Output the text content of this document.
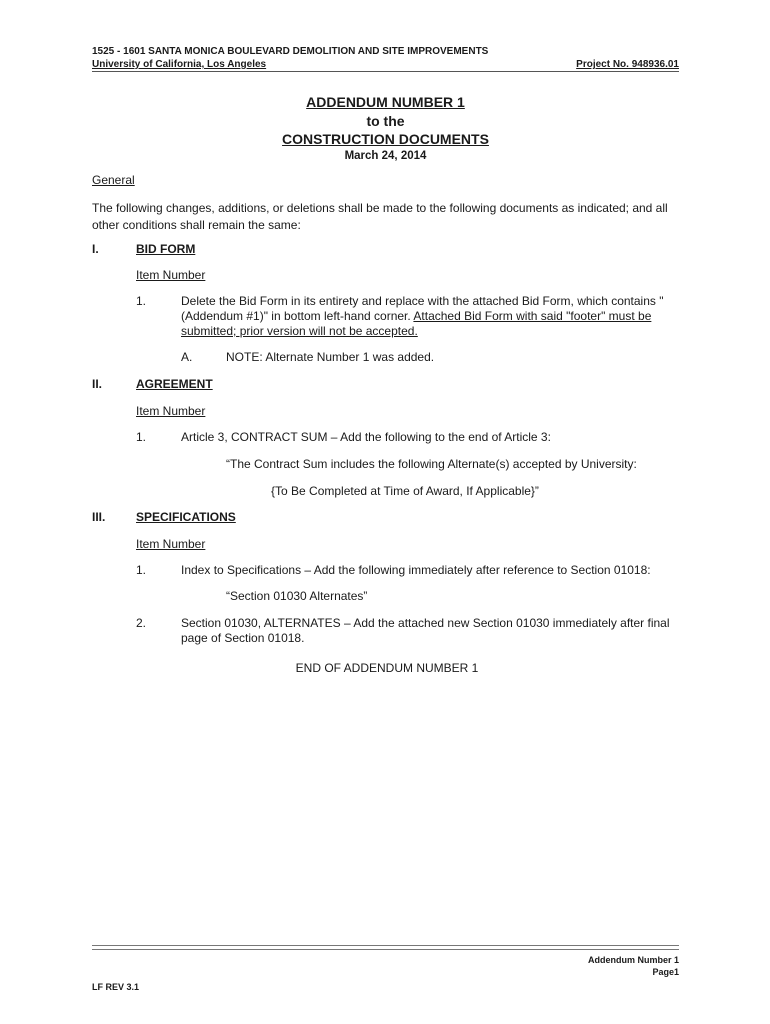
1525 - 1601 SANTA MONICA BOULEVARD DEMOLITION AND SITE IMPROVEMENTS
University of California, Los Angeles	Project No. 948936.01
ADDENDUM NUMBER 1
to the
CONSTRUCTION DOCUMENTS
March 24, 2014
General
The following changes, additions, or deletions shall be made to the following documents as indicated; and all other conditions shall remain the same:
I.	BID FORM
Item Number
1.	Delete the Bid Form in its entirety and replace with the attached Bid Form, which contains "(Addendum #1)" in bottom left-hand corner. Attached Bid Form with said "footer" must be submitted; prior version will not be accepted.
A.	NOTE: Alternate Number 1 was added.
II.	AGREEMENT
Item Number
1.	Article 3, CONTRACT SUM – Add the following to the end of Article 3:
“The Contract Sum includes the following Alternate(s) accepted by University:
{To Be Completed at Time of Award, If Applicable}”
III.	SPECIFICATIONS
Item Number
1.	Index to Specifications – Add the following immediately after reference to Section 01018:
“Section 01030 Alternates”
2.	Section 01030, ALTERNATES – Add the attached new Section 01030 immediately after final page of Section 01018.
END OF ADDENDUM NUMBER 1
LF REV 3.1
Addendum Number 1
Page1
